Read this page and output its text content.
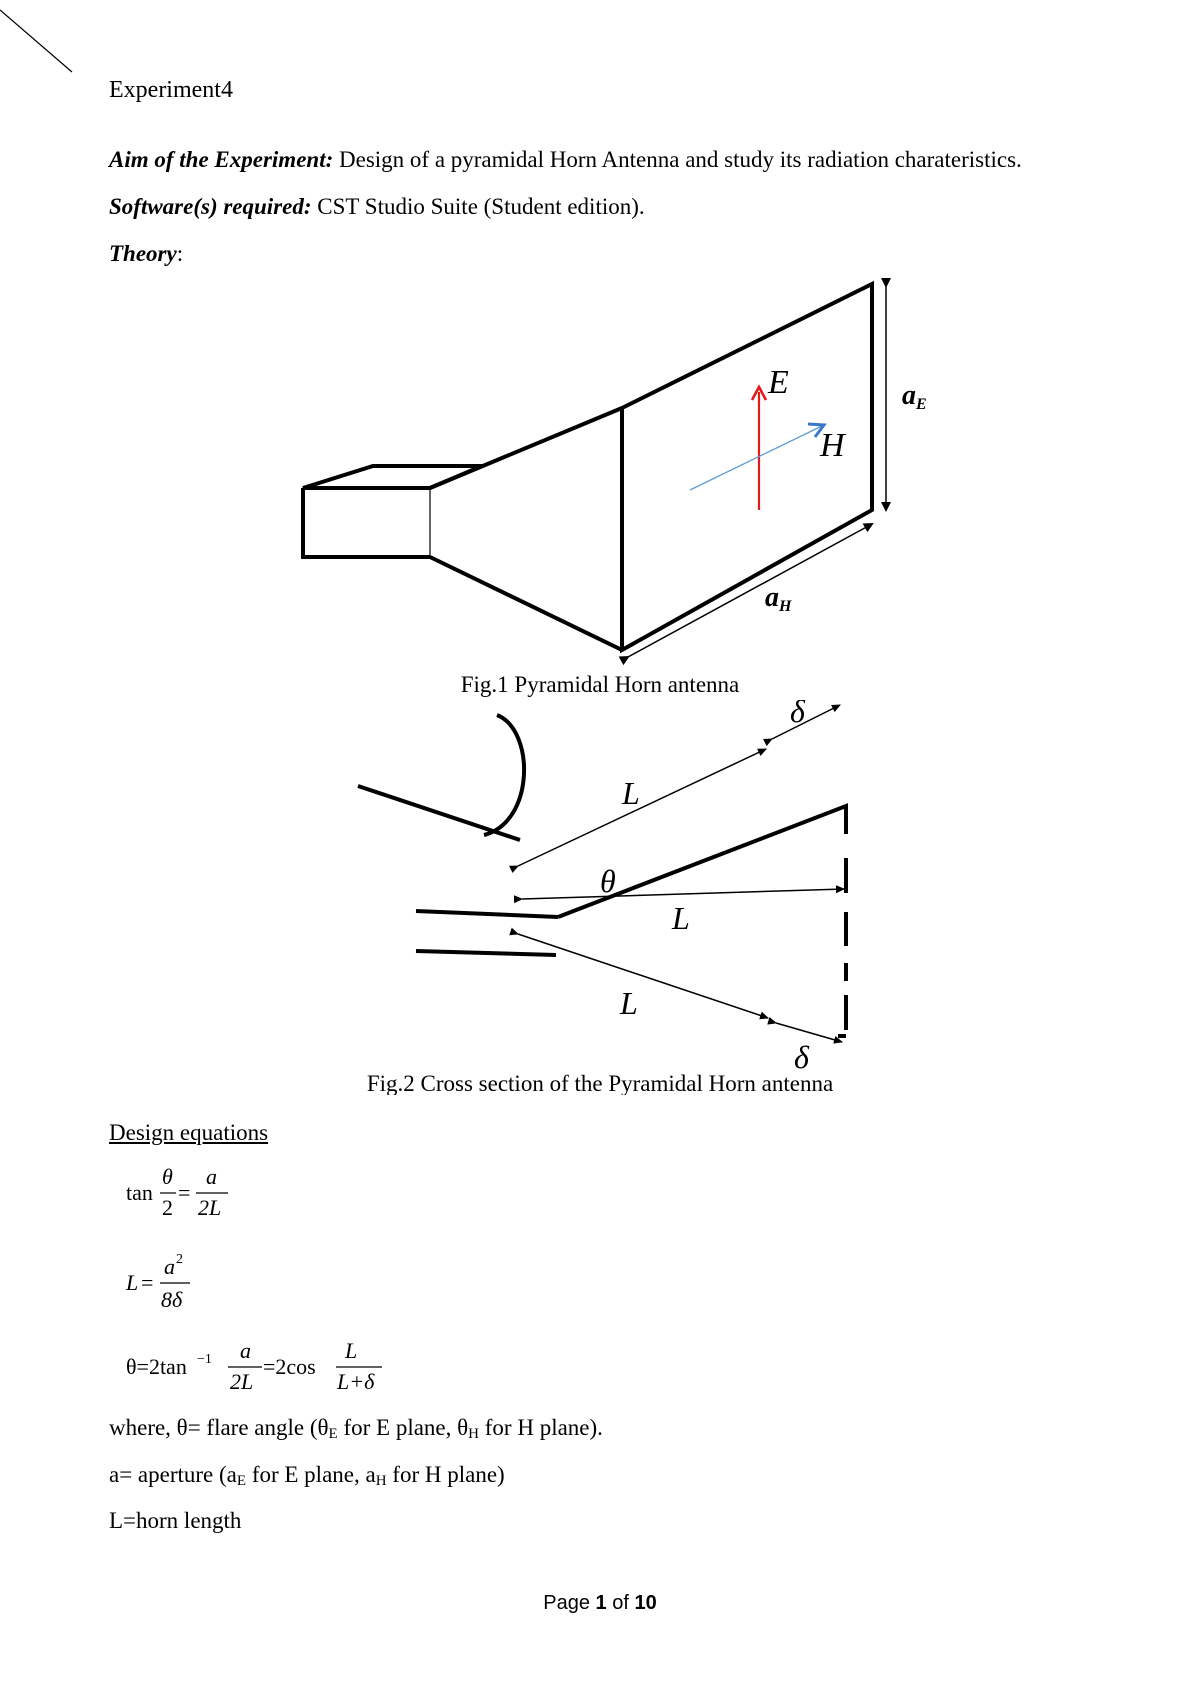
Experiment4
Aim of the Experiment: Design of a pyramidal Horn Antenna and study its radiation charateristics.
Software(s) required: CST Studio Suite (Student edition).
Theory:
aE
aH
E
H
Fig.1 Pyramidal Horn antenna
L
θ
L
L
δ
δ
Fig.2 Cross section of the Pyramidal Horn antenna
Design equations
tan
θ
2
=
a
2L
L =
a 2
8δ
θ=2tan −1 a
2L
=2cos
L
L+δ
where, θ= flare angle ($\theta_E$ for E plane, $\theta_H$ for H plane).
a= aperture ($a_E$ for E plane, $a_H$ for H plane)
L=horn length
Page 1 of 10
